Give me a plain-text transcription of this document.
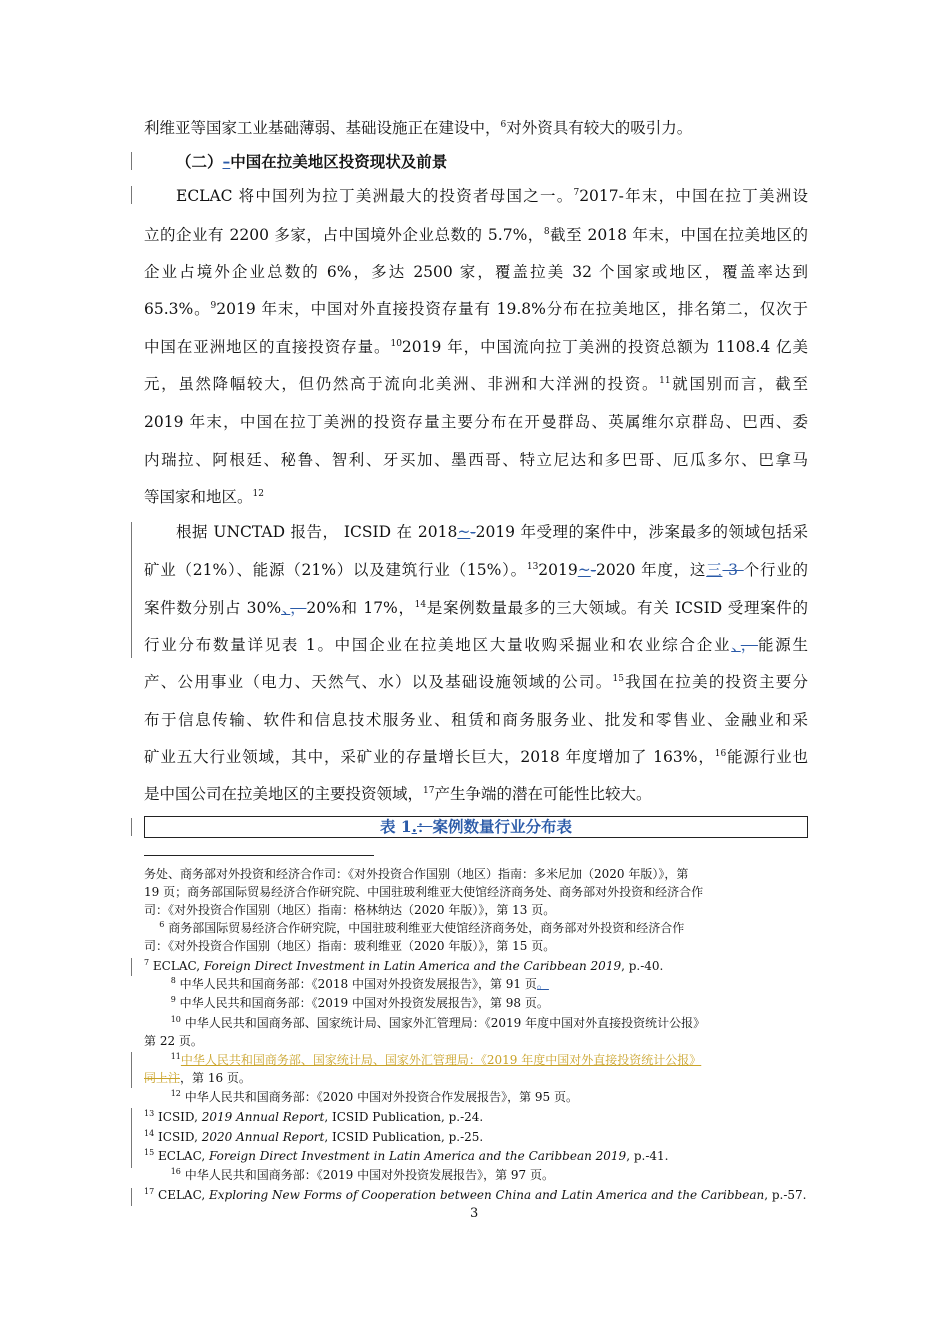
利维亚等国家工业基础薄弱、基础设施正在建设中，$^6$对外资具有较大的吸引力。
（二）–中国在拉美地区投资现状及前景
ECLAC 将中国列为拉丁美洲最大的投资者母国之一。$^7$2017-年末，中国在拉丁美洲设
立的企业有 2200 多家，占中国境外企业总数的 5.7%，$^8$截至 2018 年末，中国在拉美地区的
企业占境外企业总数的 6%，多达 2500 家，覆盖拉美 32 个国家或地区，覆盖率达到
65.3%。$^9$2019 年末，中国对外直接投资存量有 19.8%分布在拉美地区，排名第二，仅次于
中国在亚洲地区的直接投资存量。$^{10}$2019 年，中国流向拉丁美洲的投资总额为 1108.4 亿美
元，虽然降幅较大，但仍然高于流向北美洲、非洲和大洋洲的投资。$^{11}$就国别而言，截至
2019 年末，中国在拉丁美洲的投资存量主要分布在开曼群岛、英属维尔京群岛、巴西、委
内瑞拉、阿根廷、秘鲁、智利、牙买加、墨西哥、特立尼达和多巴哥、厄瓜多尔、巴拿马
等国家和地区。$^{12}$
根据 UNCTAD 报告， ICSID 在 2018~-2019 年受理的案件中，涉案最多的领域包括采
矿业（21%）、能源（21%）以及建筑行业（15%）。$^{13}$2019~-2020 年度，这三 3 个行业的
案件数分别占 30%、，20%和 17%，$^{14}$是案例数量最多的三大领域。有关 ICSID 受理案件的
行业分布数量详见表 1。中国企业在拉美地区大量收购采掘业和农业综合企业、，能源生
产、公用事业（电力、天然气、水）以及基础设施领域的公司。$^{15}$我国在拉美的投资主要分
布于信息传输、软件和信息技术服务业、租赁和商务服务业、批发和零售业、金融业和采
矿业五大行业领域，其中，采矿业的存量增长巨大，2018 年度增加了 163%，$^{16}$能源行业也
是中国公司在拉美地区的主要投资领域，$^{17}$产生争端的潜在可能性比较大。
表 1.：案例数量行业分布表
务处、商务部对外投资和经济合作司：《对外投资合作国别（地区）指南：多米尼加（2020 年版）》，第
19 页；商务部国际贸易经济合作研究院、中国驻玻利维亚大使馆经济商务处、商务部对外投资和经济合作
司：《对外投资合作国别（地区）指南：格林纳达（2020 年版）》，第 13 页。
$^6$ 商务部国际贸易经济合作研究院，中国驻玻利维亚大使馆经济商务处，商务部对外投资和经济合作
司：《对外投资合作国别（地区）指南：玻利维亚（2020 年版）》，第 15 页。
$^7$ ECLAC, Foreign Direct Investment in Latin America and the Caribbean 2019, p.-40.
$^8$ 中华人民共和国商务部：《2018 中国对外投资发展报告》，第 91 页。
$^9$ 中华人民共和国商务部：《2019 中国对外投资发展报告》，第 98 页。
$^{10}$ 中华人民共和国商务部、国家统计局、国家外汇管理局：《2019 年度中国对外直接投资统计公报》
第 22 页。
$^{11}$中华人民共和国商务部、国家统计局、国家外汇管理局：《2019 年度中国对外直接投资统计公报》
同上注，第 16 页。
$^{12}$ 中华人民共和国商务部：《2020 中国对外投资合作发展报告》，第 95 页。
$^{13}$ ICSID, 2019 Annual Report, ICSID Publication, p.-24.
$^{14}$ ICSID, 2020 Annual Report, ICSID Publication, p.-25.
$^{15}$ ECLAC, Foreign Direct Investment in Latin America and the Caribbean 2019, p.-41.
$^{16}$ 中华人民共和国商务部：《2019 中国对外投资发展报告》，第 97 页。
$^{17}$ CELAC, Exploring New Forms of Cooperation between China and Latin America and the Caribbean, p.-57.
3
